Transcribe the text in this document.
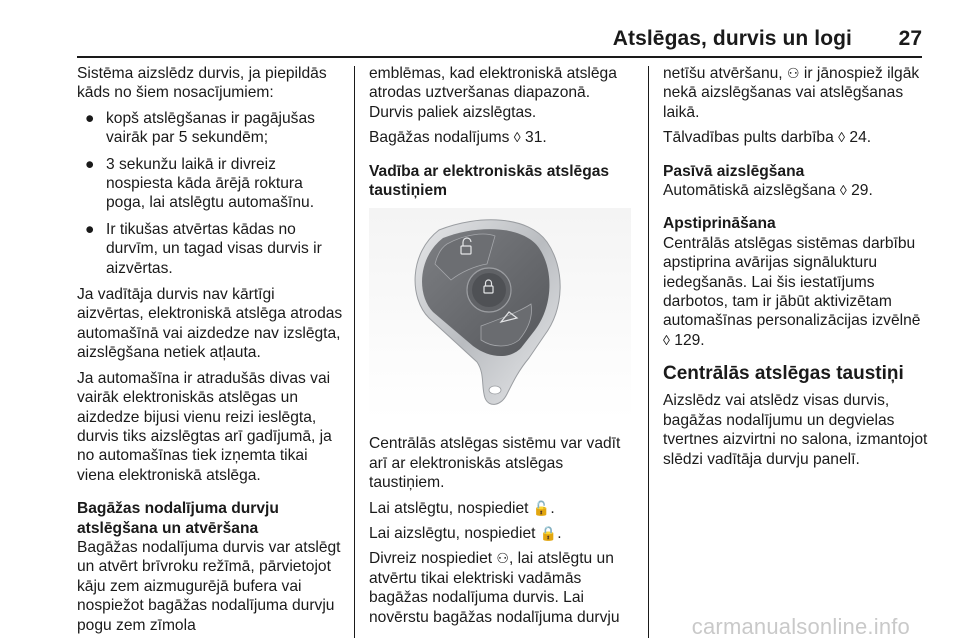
Atslēgas, durvis un logi 27

Sistēma aizslēdz durvis, ja piepildās kāds no šiem nosacījumiem:

● kopš atslēgšanas ir pagājušas vairāk par 5 sekundēm;
● 3 sekunžu laikā ir divreiz nospiesta kāda ārējā roktura poga, lai atslēgtu automašīnu.
● Ir tikušas atvērtas kādas no durvīm, un tagad visas durvis ir aizvērtas.

Ja vadītāja durvis nav kārtīgi aizvērtas, elektroniskā atslēga atrodas automašīnā vai aizdedze nav izslēgta, aizslēgšana netiek atļauta.

Ja automašīna ir atradušās divas vai vairāk elektroniskās atslēgas un aizdedze bijusi vienu reizi ieslēgta, durvis tiks aizslēgtas arī gadījumā, ja no automašīnas tiek izņemta tikai viena elektroniskā atslēga.

Bagāžas nodalījuma durvju atslēgšana un atvēršana

Bagāžas nodalījuma durvis var atslēgt un atvērt brīvroku režīmā, pārvietojot kāju zem aizmugurējā bufera vai nospiežot bagāžas nodalījuma durvju pogu zem zīmola

emblēmas, kad elektroniskā atslēga atrodas uztveršanas diapazonā. Durvis paliek aizslēgtas.

Bagāžas nodalījums ◊ 31.

Vadība ar elektroniskās atslēgas taustiņiem

Centrālās atslēgas sistēmu var vadīt arī ar elektroniskās atslēgas taustiņiem.

Lai atslēgtu, nospiediet 🔓.

Lai aizslēgtu, nospiediet 🔒.

Divreiz nospiediet ⚇, lai atslēgtu un atvērtu tikai elektriski vadāmās bagāžas nodalījuma durvis. Lai novērstu bagāžas nodalījuma durvju

netīšu atvēršanu, ⚇ ir jānospiež ilgāk nekā aizslēgšanas vai atslēgšanas laikā.

Tālvadības pults darbība ◊ 24.

Pasīvā aizslēgšana

Automātiskā aizslēgšana ◊ 29.

Apstiprināšana

Centrālās atslēgas sistēmas darbību apstiprina avārijas signālukturu iedegšanās. Lai šis iestatījums darbotos, tam ir jābūt aktivizētam automašīnas personalizācijas izvēlnē ◊ 129.

Centrālās atslēgas taustiņi

Aizslēdz vai atslēdz visas durvis, bagāžas nodalījumu un degvielas tvertnes aizvirtni no salona, izmantojot slēdzi vadītāja durvju panelī.

carmanualsonline.info
